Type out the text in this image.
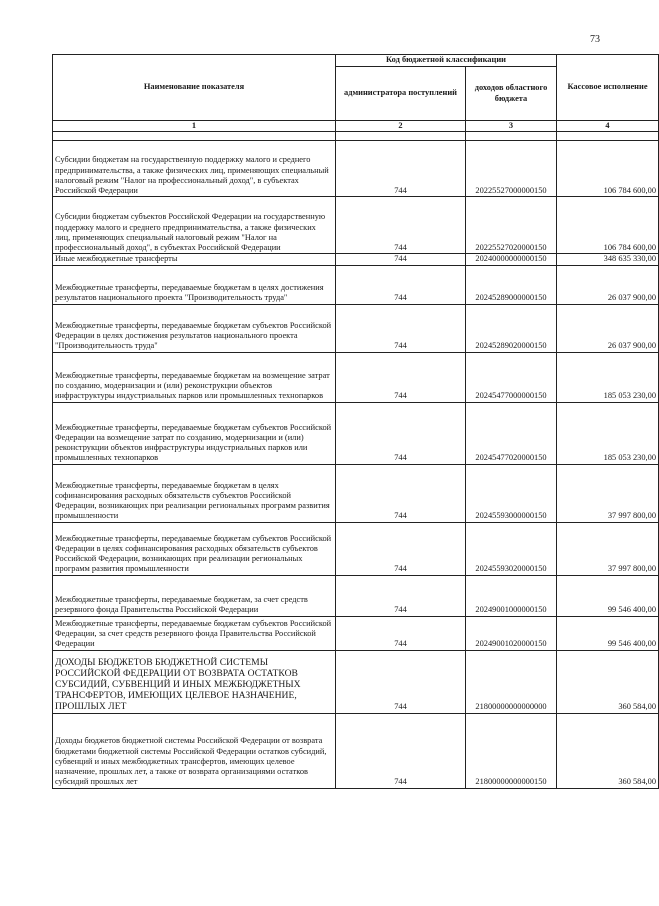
73
Наименование показателя	Код бюджетной классификации		Кассовое исполнение
	администратора поступлений	доходов областного бюджета	
1	2	3	4

Субсидии бюджетам на государственную поддержку малого и среднего предпринимательства, а также физических лиц, применяющих специальный налоговый режим "Налог на профессиональный доход", в субъектах Российской Федерации	744	20225527000000150	106 784 600,00
Субсидии бюджетам субъектов Российской Федерации на государственную поддержку малого и среднего предпринимательства, а также физических лиц, применяющих специальный налоговый режим "Налог на профессиональный доход", в субъектах Российской Федерации	744	20225527020000150	106 784 600,00
Иные межбюджетные трансферты	744	20240000000000150	348 635 330,00
Межбюджетные трансферты, передаваемые бюджетам в целях достижения результатов национального проекта "Производительность труда"	744	20245289000000150	26 037 900,00
Межбюджетные трансферты, передаваемые бюджетам субъектов Российской Федерации в целях достижения результатов национального проекта "Производительность труда"	744	20245289020000150	26 037 900,00
Межбюджетные трансферты, передаваемые бюджетам на возмещение затрат по созданию, модернизации и (или) реконструкции объектов инфраструктуры индустриальных парков или промышленных технопарков	744	20245477000000150	185 053 230,00
Межбюджетные трансферты, передаваемые бюджетам субъектов Российской Федерации на возмещение затрат по созданию, модернизации и (или) реконструкции объектов инфраструктуры индустриальных парков или промышленных технопарков	744	20245477020000150	185 053 230,00
Межбюджетные трансферты, передаваемые бюджетам в целях софинансирования расходных обязательств субъектов Российской Федерации, возникающих при реализации региональных программ развития промышленности	744	20245593000000150	37 997 800,00
Межбюджетные трансферты, передаваемые бюджетам субъектов Российской Федерации в целях софинансирования расходных обязательств субъектов Российской Федерации, возникающих при реализации региональных программ развития промышленности	744	20245593020000150	37 997 800,00
Межбюджетные трансферты, передаваемые бюджетам, за счет средств резервного фонда Правительства Российской Федерации	744	20249001000000150	99 546 400,00
Межбюджетные трансферты, передаваемые бюджетам субъектов Российской Федерации, за счет средств резервного фонда Правительства Российской Федерации	744	20249001020000150	99 546 400,00
ДОХОДЫ БЮДЖЕТОВ БЮДЖЕТНОЙ СИСТЕМЫ РОССИЙСКОЙ ФЕДЕРАЦИИ ОТ ВОЗВРАТА ОСТАТКОВ СУБСИДИЙ, СУБВЕНЦИЙ И ИНЫХ МЕЖБЮДЖЕТНЫХ ТРАНСФЕРТОВ, ИМЕЮЩИХ ЦЕЛЕВОЕ НАЗНАЧЕНИЕ, ПРОШЛЫХ ЛЕТ	744	21800000000000000	360 584,00
Доходы бюджетов бюджетной системы Российской Федерации от возврата бюджетами бюджетной системы Российской Федерации остатков субсидий, субвенций и иных межбюджетных трансфертов, имеющих целевое назначение, прошлых лет, а также от возврата организациями остатков субсидий прошлых лет	744	21800000000000150	360 584,00
